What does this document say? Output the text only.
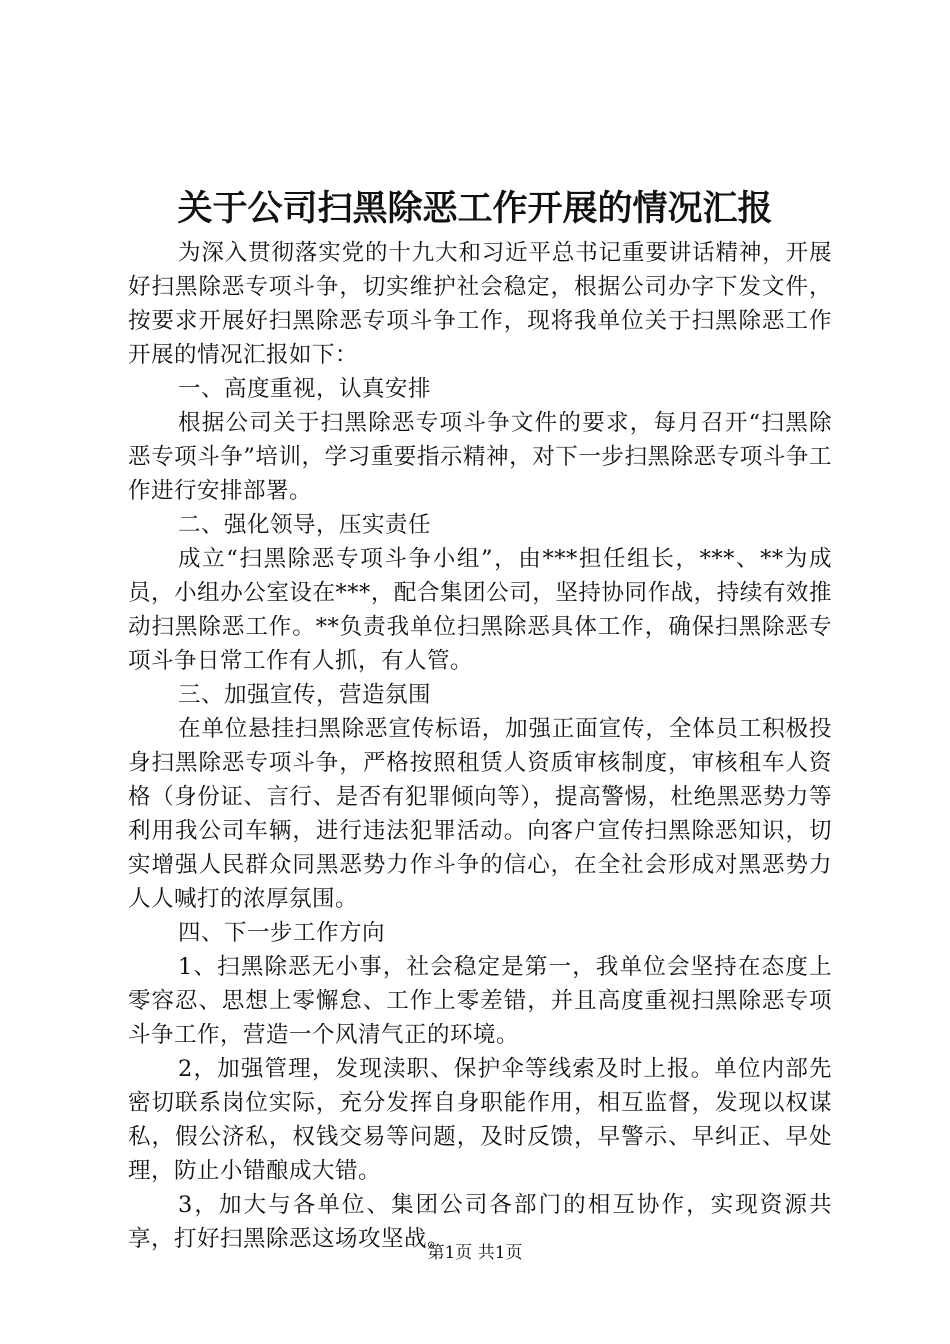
关于公司扫黑除恶工作开展的情况汇报

为深入贯彻落实党的十九大和习近平总书记重要讲话精神，开展好扫黑除恶专项斗争，切实维护社会稳定，根据公司办字下发文件，按要求开展好扫黑除恶专项斗争工作，现将我单位关于扫黑除恶工作开展的情况汇报如下：

一、高度重视，认真安排

根据公司关于扫黑除恶专项斗争文件的要求，每月召开“扫黑除恶专项斗争”培训，学习重要指示精神，对下一步扫黑除恶专项斗争工作进行安排部署。

二、强化领导，压实责任

成立“扫黑除恶专项斗争小组”，由***担任组长，***、**为成员，小组办公室设在***，配合集团公司，坚持协同作战，持续有效推动扫黑除恶工作。**负责我单位扫黑除恶具体工作，确保扫黑除恶专项斗争日常工作有人抓，有人管。

三、加强宣传，营造氛围

在单位悬挂扫黑除恶宣传标语，加强正面宣传，全体员工积极投身扫黑除恶专项斗争，严格按照租赁人资质审核制度，审核租车人资格（身份证、言行、是否有犯罪倾向等），提高警惕，杜绝黑恶势力等利用我公司车辆，进行违法犯罪活动。向客户宣传扫黑除恶知识，切实增强人民群众同黑恶势力作斗争的信心，在全社会形成对黑恶势力人人喊打的浓厚氛围。

四、下一步工作方向

1、扫黑除恶无小事，社会稳定是第一，我单位会坚持在态度上零容忍、思想上零懈怠、工作上零差错，并且高度重视扫黑除恶专项斗争工作，营造一个风清气正的环境。

2，加强管理，发现渎职、保护伞等线索及时上报。单位内部先密切联系岗位实际，充分发挥自身职能作用，相互监督，发现以权谋私，假公济私，权钱交易等问题，及时反馈，早警示、早纠正、早处理，防止小错酿成大错。

3，加大与各单位、集团公司各部门的相互协作，实现资源共享，打好扫黑除恶这场攻坚战。

第1页 共1页
